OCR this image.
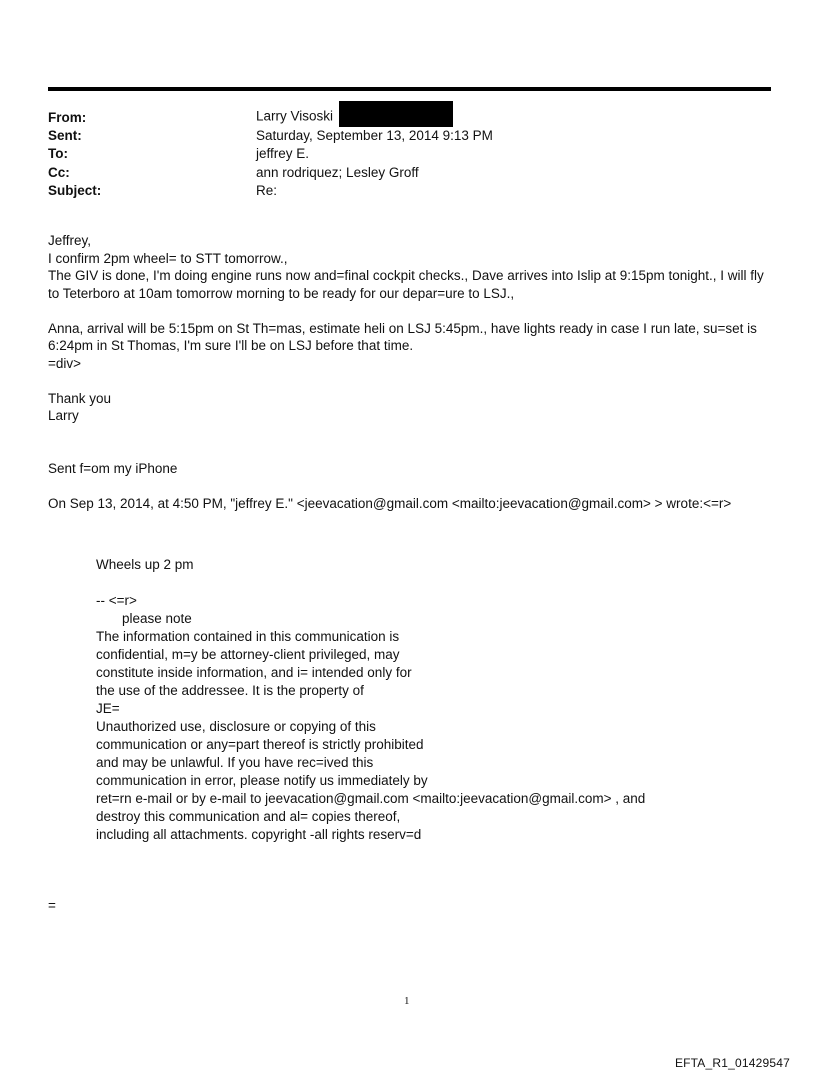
From:	Larry Visoski
Sent:	Saturday, September 13, 2014 9:13 PM
To:	jeffrey E.
Cc:	ann rodriquez; Lesley Groff
Subject:	Re:
Jeffrey,
I confirm 2pm wheel= to STT tomorrow.,
The GIV is done, I'm doing engine runs now and=final cockpit checks., Dave arrives into Islip at 9:15pm tonight., I will fly
to Teterboro at 10am tomorrow morning to be ready for our depar=ure to LSJ.,
Anna, arrival will be 5:15pm on St Th=mas, estimate heli on LSJ 5:45pm., have lights ready in case I run late, su=set is
6:24pm in St Thomas, I'm sure I'll be on LSJ before that time.
=div>
Thank you
Larry
Sent f=om my iPhone
On Sep 13, 2014, at 4:50 PM, "jeffrey E." <jeevacation@gmail.com <mailto:jeevacation@gmail.com> > wrote:<=r>
Wheels up 2 pm
-- <=r>
please note
The information contained in this communication is
confidential, m=y be attorney-client privileged, may
constitute inside information, and i= intended only for
the use of the addressee. It is the property of
JE=
Unauthorized use, disclosure or copying of this
communication or any=part thereof is strictly prohibited
and may be unlawful. If you have rec=ived this
communication in error, please notify us immediately by
ret=rn e-mail or by e-mail to jeevacation@gmail.com <mailto:jeevacation@gmail.com> , and
destroy this communication and al= copies thereof,
including all attachments. copyright -all rights reserv=d
=
1
EFTA_R1_01429547
